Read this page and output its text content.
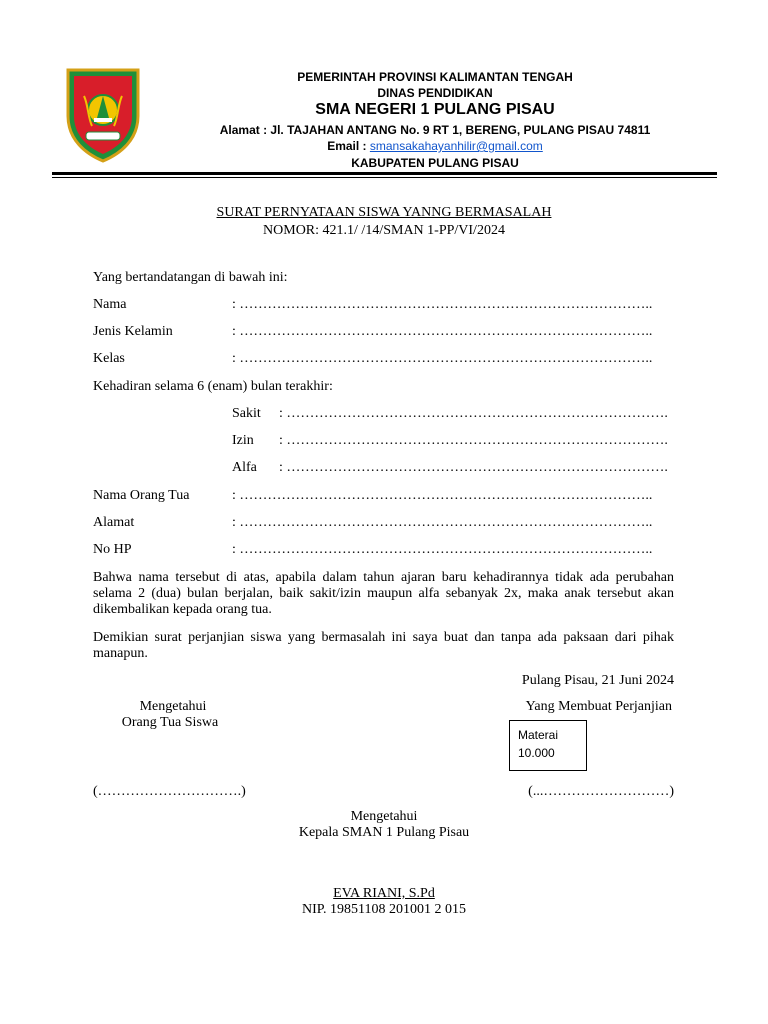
PEMERINTAH PROVINSI KALIMANTAN TENGAH
DINAS PENDIDIKAN
SMA NEGERI 1 PULANG PISAU
Alamat : Jl. TAJAHAN ANTANG No. 9 RT 1, BERENG, PULANG PISAU 74811
Email : smansakahayanhilir@gmail.com
KABUPATEN PULANG PISAU
SURAT PERNYATAAN SISWA YANNG BERMASALAH
NOMOR: 421.1/ /14/SMAN 1-PP/VI/2024
Yang bertandatangan di bawah ini:
Nama	: ……………………………………………………………………………..
Jenis Kelamin	: ……………………………………………………………………………..
Kelas	: ……………………………………………………………………………..
Kehadiran selama 6 (enam) bulan terakhir:
Sakit : ……………………………………………………………………….
Izin : ……………………………………………………………………….
Alfa : ……………………………………………………………………….
Nama Orang Tua	: ……………………………………………………………………………..
Alamat	: ……………………………………………………………………………..
No HP	: ……………………………………………………………………………..
Bahwa nama tersebut di atas, apabila dalam tahun ajaran baru kehadirannya tidak ada perubahan selama 2 (dua) bulan berjalan, baik sakit/izin maupun alfa sebanyak 2x, maka anak tersebut akan dikembalikan kepada orang tua.
Demikian surat perjanjian siswa yang bermasalah ini saya buat dan tanpa ada paksaan dari pihak manapun.
Pulang Pisau, 21 Juni 2024
Mengetahui
Orang Tua Siswa
(………………………….)
Yang Membuat Perjanjian
Materai
10.000
(...………………………)
Mengetahui
Kepala SMAN 1 Pulang Pisau
EVA RIANI, S.Pd
NIP. 19851108 201001 2 015
